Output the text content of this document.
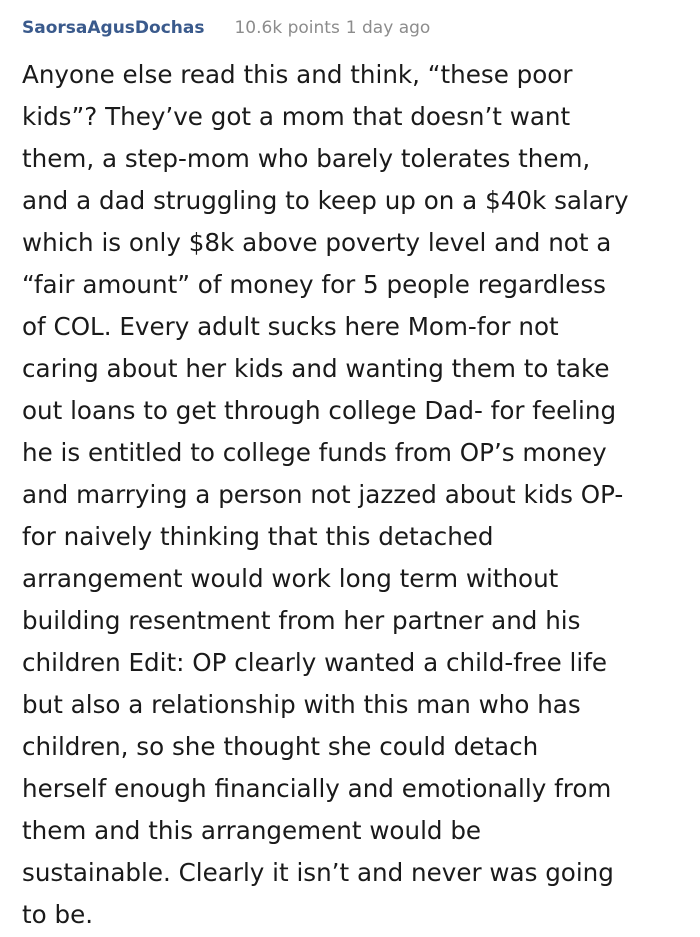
SaorsaAgusDochas 10.6k points 1 day ago
Anyone else read this and think, “these poor
kids”? They’ve got a mom that doesn’t want
them, a step-mom who barely tolerates them,
and a dad struggling to keep up on a $40k salary
which is only $8k above poverty level and not a
“fair amount” of money for 5 people regardless
of COL. Every adult sucks here Mom-for not
caring about her kids and wanting them to take
out loans to get through college Dad- for feeling
he is entitled to college funds from OP’s money
and marrying a person not jazzed about kids OP-
for naively thinking that this detached
arrangement would work long term without
building resentment from her partner and his
children Edit: OP clearly wanted a child-free life
but also a relationship with this man who has
children, so she thought she could detach
herself enough financially and emotionally from
them and this arrangement would be
sustainable. Clearly it isn’t and never was going
to be.
